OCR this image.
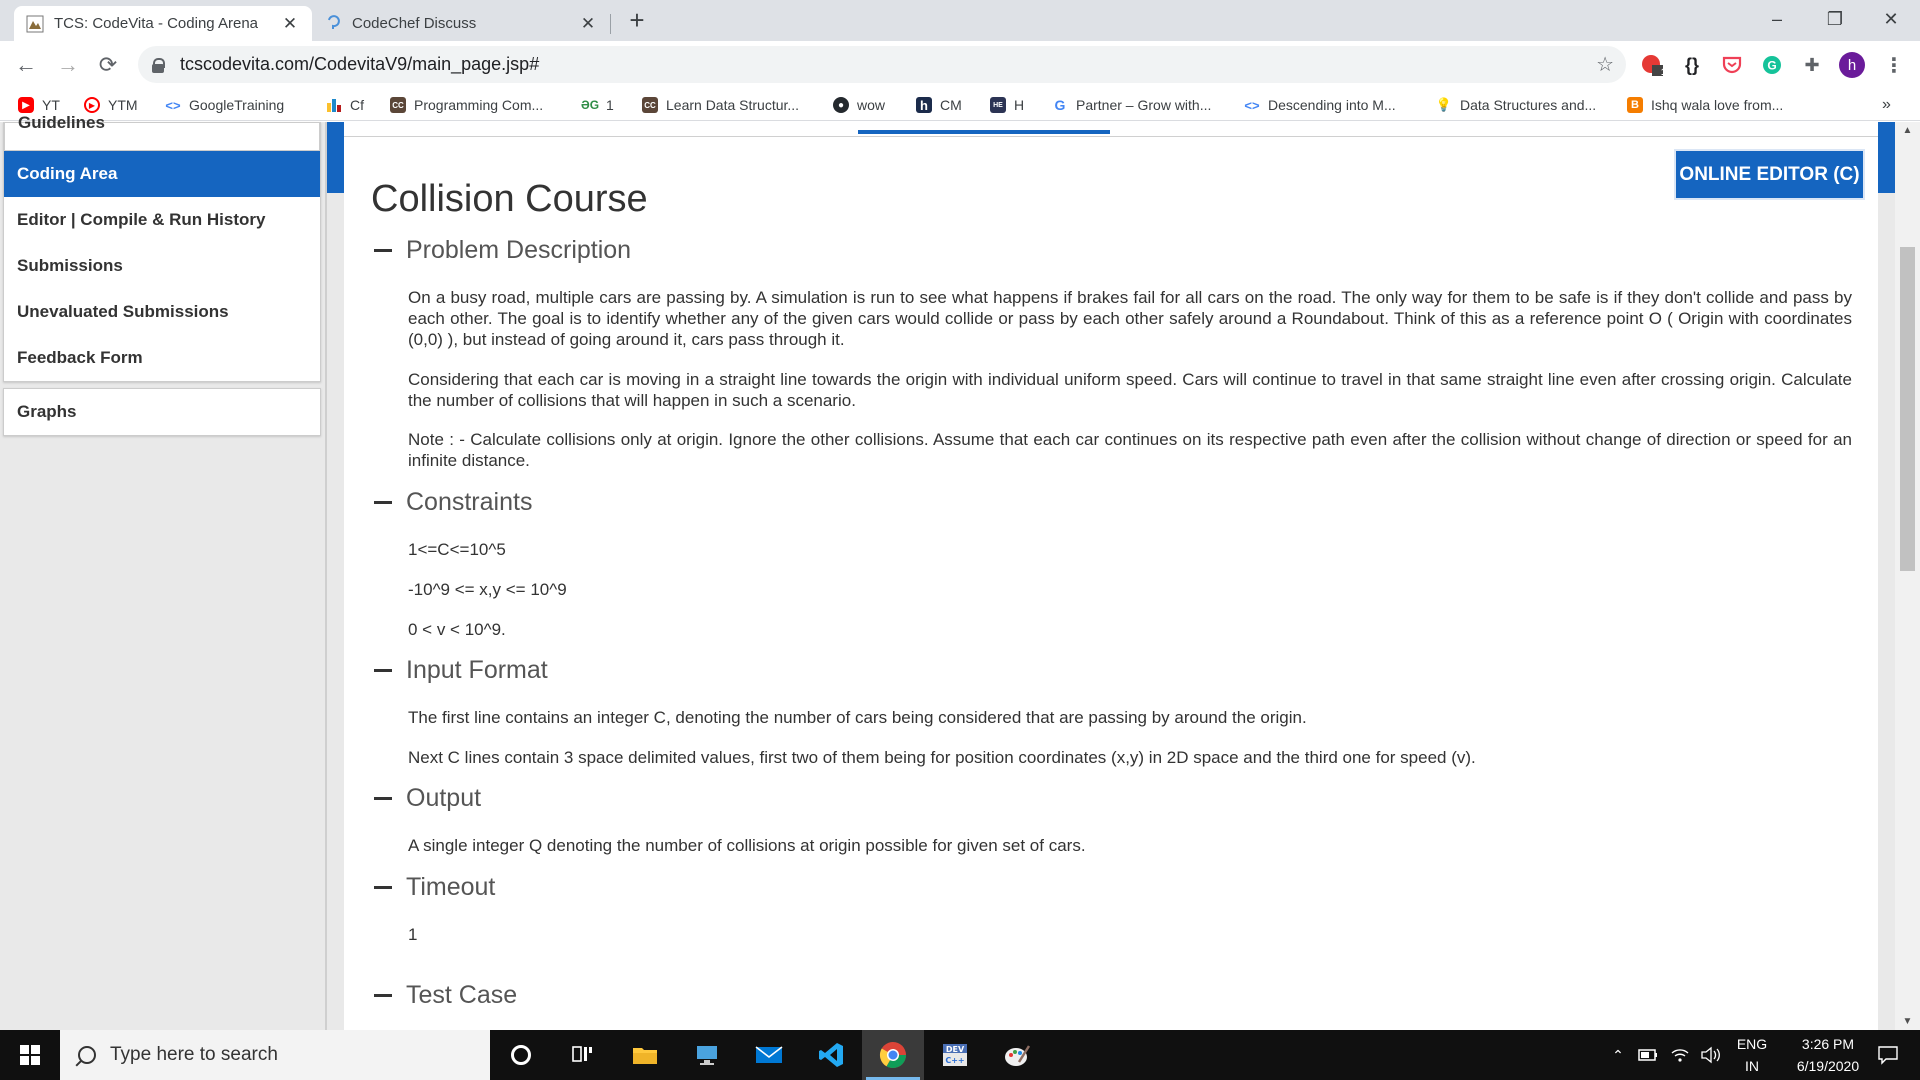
TCS: CodeVita - Coding Arena	✕	CodeChef Discuss	✕ +	–	❐	✕
← → ⟳	tcscodevita.com/CodevitaV9/main_page.jsp#	☆	1	{}	G	✚	h	⋮
▶ YT	▶ YTM <> GoogleTraining	Cf	CC Programming Com...	ƏG 1	CC Learn Data Structur...	● wow	h CM	HE H G Partner – Grow with...	<> Descending into M...	💡 Data Structures and...	B Ishq wala love from...	»
Guidelines
Coding Area
Editor | Compile & Run History
Submissions
Unevaluated Submissions
Feedback Form
Graphs
ONLINE EDITOR (C)
Collision Course
Problem Description
On a busy road, multiple cars are passing by. A simulation is run to see what happens if brakes fail for all cars on the road. The only way for them to be safe is if they don't collide and pass by each other. The goal is to identify whether any of the given cars would collide or pass by each other safely around a Roundabout. Think of this as a reference point O ( Origin with coordinates (0,0) ), but instead of going around it, cars pass through it.
Considering that each car is moving in a straight line towards the origin with individual uniform speed. Cars will continue to travel in that same straight line even after crossing origin. Calculate the number of collisions that will happen in such a scenario.
Note : - Calculate collisions only at origin. Ignore the other collisions. Assume that each car continues on its respective path even after the collision without change of direction or speed for an infinite distance.
Constraints
1<=C<=10^5
-10^9 <= x,y <= 10^9
0 < v < 10^9.
Input Format
The first line contains an integer C, denoting the number of cars being considered that are passing by around the origin.
Next C lines contain 3 space delimited values, first two of them being for position coordinates (x,y) in 2D space and the third one for speed (v).
Output
A single integer Q denoting the number of collisions at origin possible for given set of cars.
Timeout
1
Test Case
▲
▼
Type here to search	DEV
C++	⌃
ENG
IN
3:26 PM
6/19/2020
